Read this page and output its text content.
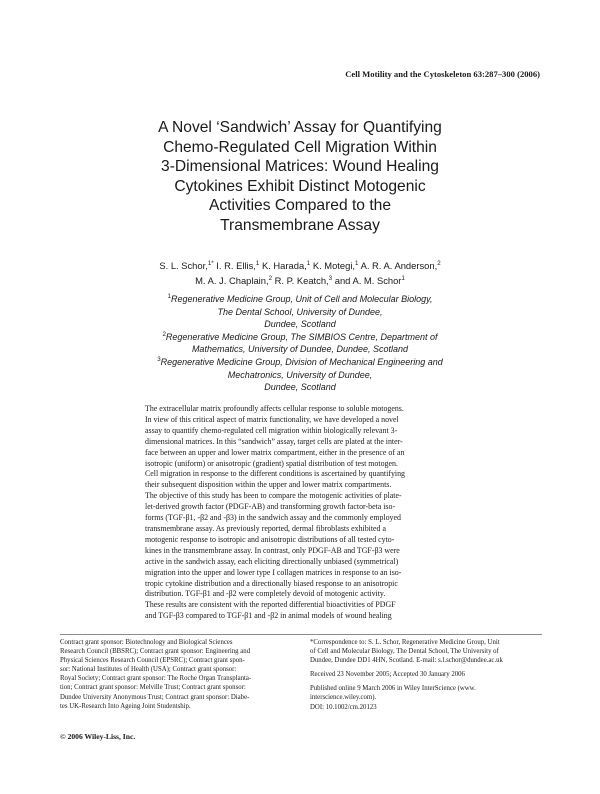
Cell Motility and the Cytoskeleton 63:287–300 (2006)
A Novel ‘Sandwich’ Assay for Quantifying
Chemo-Regulated Cell Migration Within
3-Dimensional Matrices: Wound Healing
Cytokines Exhibit Distinct Motogenic
Activities Compared to the
Transmembrane Assay
S. L. Schor,$^{1*}$ I. R. Ellis,$^1$ K. Harada,$^1$ K. Motegi,$^1$ A. R. A. Anderson,$^2$
M. A. J. Chaplain,$^2$ R. P. Keatch,$^3$ and A. M. Schor$^1$
$^1$Regenerative Medicine Group, Unit of Cell and Molecular Biology,
The Dental School, University of Dundee,
Dundee, Scotland
$^2$Regenerative Medicine Group, The SIMBIOS Centre, Department of
Mathematics, University of Dundee, Dundee, Scotland
$^3$Regenerative Medicine Group, Division of Mechanical Engineering and
Mechatronics, University of Dundee,
Dundee, Scotland
The extracellular matrix profoundly affects cellular response to soluble motogens.
In view of this critical aspect of matrix functionality, we have developed a novel
assay to quantify chemo-regulated cell migration within biologically relevant 3-
dimensional matrices. In this “sandwich” assay, target cells are plated at the inter-
face between an upper and lower matrix compartment, either in the presence of an
isotropic (uniform) or anisotropic (gradient) spatial distribution of test motogen.
Cell migration in response to the different conditions is ascertained by quantifying
their subsequent disposition within the upper and lower matrix compartments.
The objective of this study has been to compare the motogenic activities of plate-
let-derived growth factor (PDGF-AB) and transforming growth factor-beta iso-
forms (TGF-β1, -β2 and -β3) in the sandwich assay and the commonly employed
transmembrane assay. As previously reported, dermal fibroblasts exhibited a
motogenic response to isotropic and anisotropic distributions of all tested cyto-
kines in the transmembrane assay. In contrast, only PDGF-AB and TGF-β3 were
active in the sandwich assay, each eliciting directionally unbiased (symmetrical)
migration into the upper and lower type I collagen matrices in response to an iso-
tropic cytokine distribution and a directionally biased response to an anisotropic
distribution. TGF-β1 and -β2 were completely devoid of motogenic activity.
These results are consistent with the reported differential bioactivities of PDGF
and TGF-β3 compared to TGF-β1 and -β2 in animal models of wound healing
Contract grant sponsor: Biotechnology and Biological Sciences
Research Council (BBSRC); Contract grant sponsor: Engineering and
Physical Sciences Research Council (EPSRC); Contract grant spon-
sor: National Institutes of Health (USA); Contract grant sponsor:
Royal Society; Contract grant sponsor: The Roche Organ Transplanta-
tion; Contract grant sponsor: Melville Trust; Contract grant sponsor:
Dundee University Anonymous Trust; Contract grant sponsor: Diabe-
tes UK-Research Into Ageing Joint Studentship.
*Correspondence to: S. L. Schor, Regenerative Medicine Group, Unit
of Cell and Molecular Biology, The Dental School, The University of
Dundee, Dundee DD1 4HN, Scotland. E-mail: s.l.schor@dundee.ac.uk
Received 23 November 2005; Accepted 30 January 2006
Published online 9 March 2006 in Wiley InterScience (www.
interscience.wiley.com).
DOI: 10.1002/cm.20123
© 2006 Wiley-Liss, Inc.
